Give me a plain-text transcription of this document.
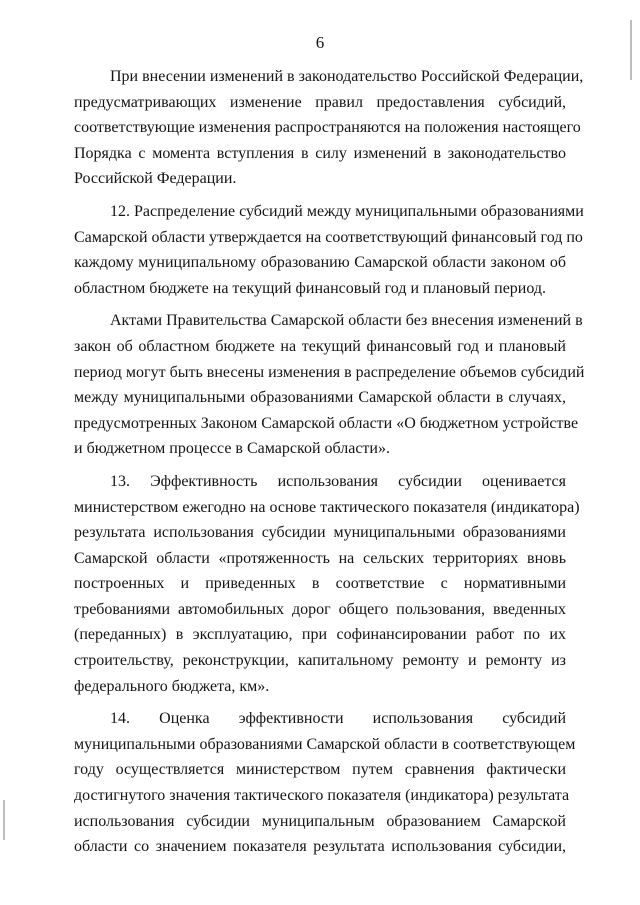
6
При внесении изменений в законодательство Российской Федерации,
предусматривающих изменение правил предоставления субсидий,
соответствующие изменения распространяются на положения настоящего
Порядка с момента вступления в силу изменений в законодательство
Российской Федерации.
12. Распределение субсидий между муниципальными образованиями
Самарской области утверждается на соответствующий финансовый год по
каждому муниципальному образованию Самарской области законом об
областном бюджете на текущий финансовый год и плановый период.
Актами Правительства Самарской области без внесения изменений в
закон об областном бюджете на текущий финансовый год и плановый
период могут быть внесены изменения в распределение объемов субсидий
между муниципальными образованиями Самарской области в случаях,
предусмотренных Законом Самарской области «О бюджетном устройстве
и бюджетном процессе в Самарской области».
13. Эффективность использования субсидии оценивается
министерством ежегодно на основе тактического показателя (индикатора)
результата использования субсидии муниципальными образованиями
Самарской области «протяженность на сельских территориях вновь
построенных и приведенных в соответствие с нормативными
требованиями автомобильных дорог общего пользования, введенных
(переданных) в эксплуатацию, при софинансировании работ по их
строительству, реконструкции, капитальному ремонту и ремонту из
федерального бюджета, км».
14. Оценка эффективности использования субсидий
муниципальными образованиями Самарской области в соответствующем
году осуществляется министерством путем сравнения фактически
достигнутого значения тактического показателя (индикатора) результата
использования субсидии муниципальным образованием Самарской
области со значением показателя результата использования субсидии,
